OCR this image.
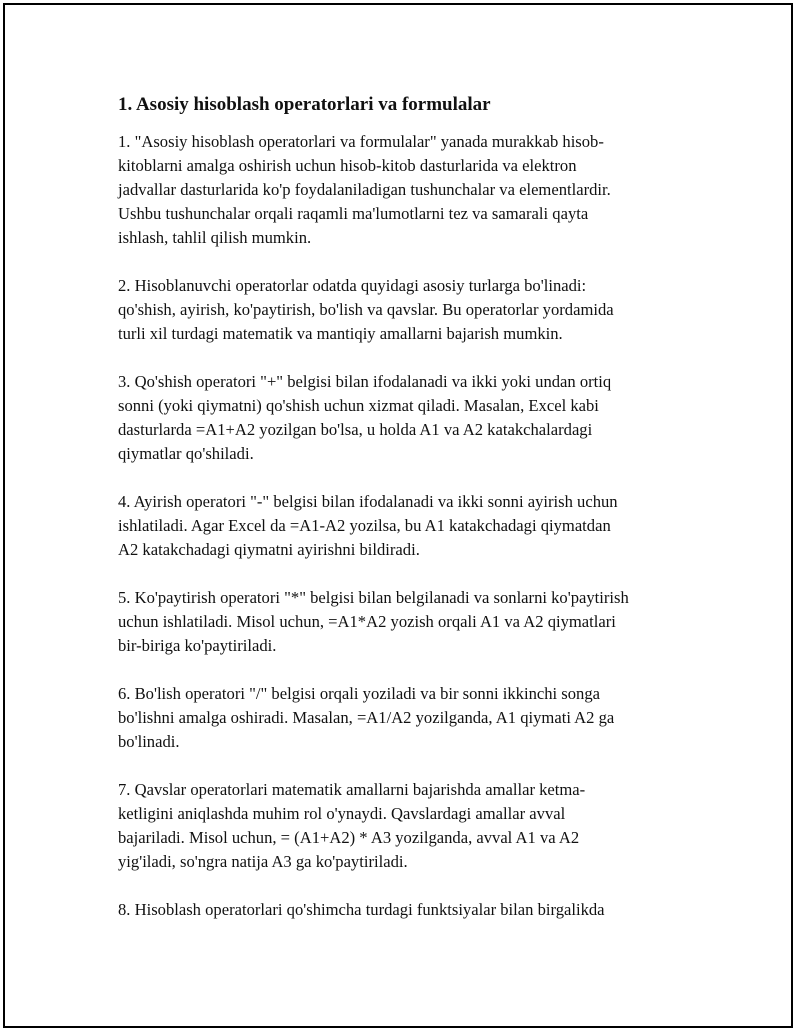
1. Asosiy hisoblash operatorlari va formulalar

1. "Asosiy hisoblash operatorlari va formulalar" yanada murakkab hisob-
kitoblarni amalga oshirish uchun hisob-kitob dasturlarida va elektron
jadvallar dasturlarida ko'p foydalaniladigan tushunchalar va elementlardir.
Ushbu tushunchalar orqali raqamli ma'lumotlarni tez va samarali qayta
ishlash, tahlil qilish mumkin.

2. Hisoblanuvchi operatorlar odatda quyidagi asosiy turlarga bo'linadi:
qo'shish, ayirish, ko'paytirish, bo'lish va qavslar. Bu operatorlar yordamida
turli xil turdagi matematik va mantiqiy amallarni bajarish mumkin.

3. Qo'shish operatori "+" belgisi bilan ifodalanadi va ikki yoki undan ortiq
sonni (yoki qiymatni) qo'shish uchun xizmat qiladi. Masalan, Excel kabi
dasturlarda =A1+A2 yozilgan bo'lsa, u holda A1 va A2 katakchalardagi
qiymatlar qo'shiladi.

4. Ayirish operatori "-" belgisi bilan ifodalanadi va ikki sonni ayirish uchun
ishlatiladi. Agar Excel da =A1-A2 yozilsa, bu A1 katakchadagi qiymatdan
A2 katakchadagi qiymatni ayirishni bildiradi.

5. Ko'paytirish operatori "*" belgisi bilan belgilanadi va sonlarni ko'paytirish
uchun ishlatiladi. Misol uchun, =A1*A2 yozish orqali A1 va A2 qiymatlari
bir-biriga ko'paytiriladi.

6. Bo'lish operatori "/" belgisi orqali yoziladi va bir sonni ikkinchi songa
bo'lishni amalga oshiradi. Masalan, =A1/A2 yozilganda, A1 qiymati A2 ga
bo'linadi.

7. Qavslar operatorlari matematik amallarni bajarishda amallar ketma-
ketligini aniqlashda muhim rol o'ynaydi. Qavslardagi amallar avval
bajariladi. Misol uchun, = (A1+A2) * A3 yozilganda, avval A1 va A2
yig'iladi, so'ngra natija A3 ga ko'paytiriladi.

8. Hisoblash operatorlari qo'shimcha turdagi funktsiyalar bilan birgalikda
